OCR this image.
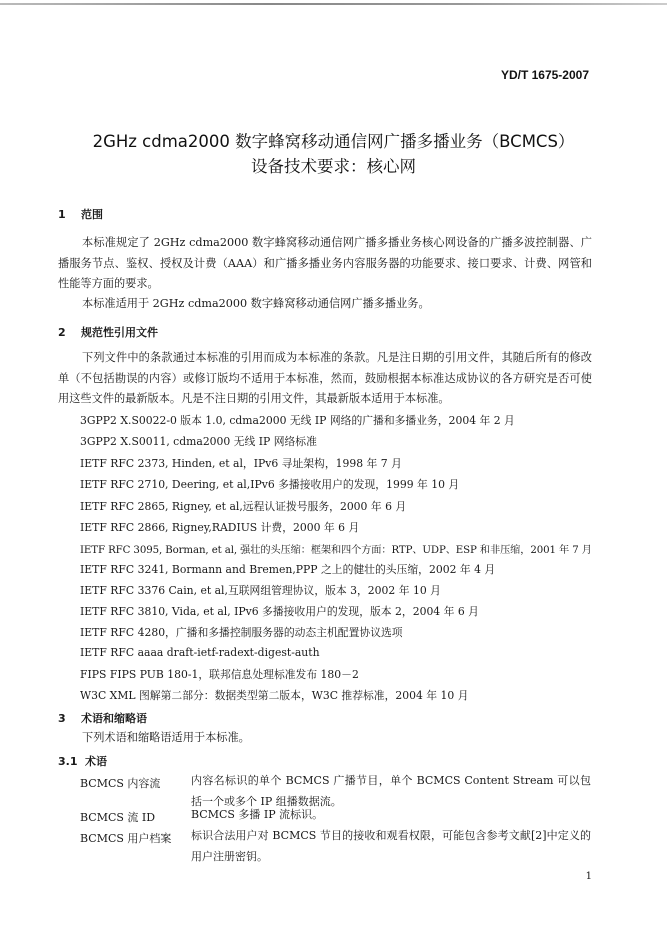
YD/T 1675-2007
2GHz cdma2000 数字蜂窝移动通信网广播多播业务（BCMCS）
设备技术要求：核心网
1 范围
本标准规定了 2GHz cdma2000 数字蜂窝移动通信网广播多播业务核心网设备的广播多波控制器、广播服务节点、鉴权、授权及计费（AAA）和广播多播业务内容服务器的功能要求、接口要求、计费、网管和性能等方面的要求。
本标准适用于 2GHz cdma2000 数字蜂窝移动通信网广播多播业务。
2 规范性引用文件
下列文件中的条款通过本标准的引用而成为本标准的条款。凡是注日期的引用文件，其随后所有的修改单（不包括勘误的内容）或修订版均不适用于本标准，然而，鼓励根据本标准达成协议的各方研究是否可使用这些文件的最新版本。凡是不注日期的引用文件，其最新版本适用于本标准。
3GPP2 X.S0022-0 版本 1.0, cdma2000 无线 IP 网络的广播和多播业务，2004 年 2 月
3GPP2 X.S0011, cdma2000 无线 IP 网络标准
IETF RFC 2373, Hinden, et al，IPv6 寻址架构，1998 年 7 月
IETF RFC 2710, Deering, et al,IPv6 多播接收用户的发现，1999 年 10 月
IETF RFC 2865, Rigney, et al,远程认证拨号服务，2000 年 6 月
IETF RFC 2866, Rigney,RADIUS 计费，2000 年 6 月
IETF RFC 3095, Borman, et al, 强壮的头压缩：框架和四个方面：RTP、UDP、ESP 和非压缩，2001 年 7 月
IETF RFC 3241, Bormann and Bremen,PPP 之上的健壮的头压缩，2002 年 4 月
IETF RFC 3376 Cain, et al,互联网组管理协议，版本 3，2002 年 10 月
IETF RFC 3810, Vida, et al, IPv6 多播接收用户的发现，版本 2，2004 年 6 月
IETF RFC 4280，广播和多播控制服务器的动态主机配置协议选项
IETF RFC aaaa draft-ietf-radext-digest-auth
FIPS FIPS PUB 180-1，联邦信息处理标准发布 180－2
W3C XML 图解第二部分：数据类型第二版本，W3C 推荐标准，2004 年 10 月
3 术语和缩略语
下列术语和缩略语适用于本标准。
3.1 术语
BCMCS 内容流	内容名标识的单个 BCMCS 广播节目，单个 BCMCS Content Stream 可以包括一个或多个 IP 组播数据流。
BCMCS 流 ID	BCMCS 多播 IP 流标识。
BCMCS 用户档案 标识合法用户对 BCMCS 节目的接收和观看权限，可能包含参考文献[2]中定义的用户注册密钥。
1
